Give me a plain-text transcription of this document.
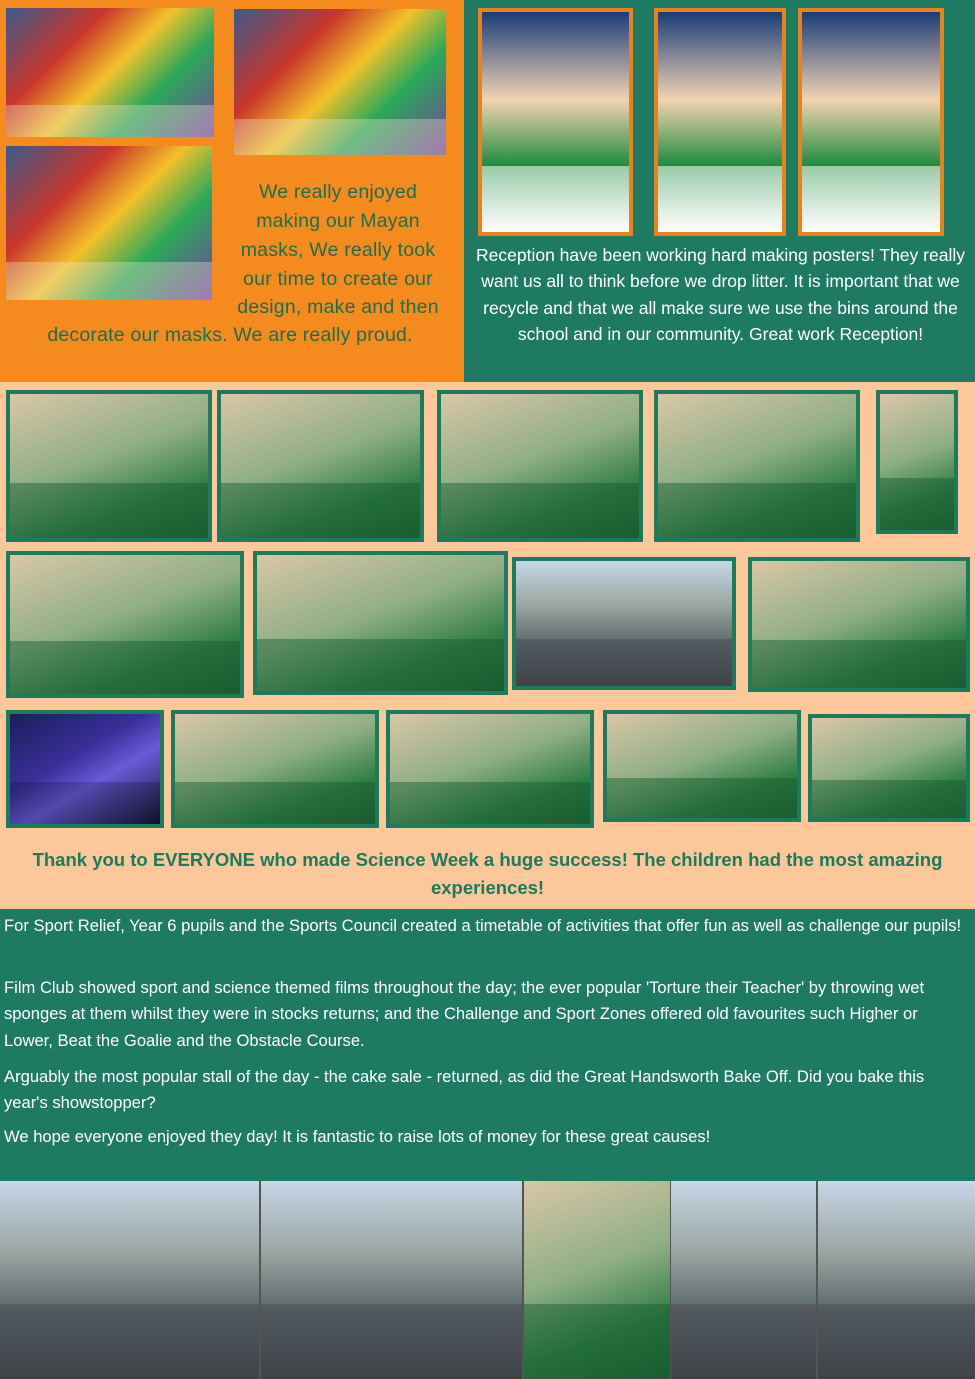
We really enjoyed
making our Mayan
masks, We really took
our time to create our
design, make and then
decorate our masks. We are really proud.
Reception have been working hard making posters! They really want us all to think before we drop litter. It is important that we recycle and that we all make sure we use the bins around the school and in our community. Great work Reception!
Thank you to EVERYONE who made Science Week a huge success! The children had the most amazing experiences!
For Sport Relief, Year 6 pupils and the Sports Council created a timetable of activities that offer fun as well as challenge our pupils!
Film Club showed sport and science themed films throughout the day; the ever popular 'Torture their Teacher' by throwing wet sponges at them whilst they were in stocks returns; and the Challenge and Sport Zones offered old favourites such Higher or Lower, Beat the Goalie and the Obstacle Course.
Arguably the most popular stall of the day - the cake sale - returned, as did the Great Handsworth Bake Off. Did you bake this year's showstopper?
We hope everyone enjoyed they day! It is fantastic to raise lots of money for these great causes!
